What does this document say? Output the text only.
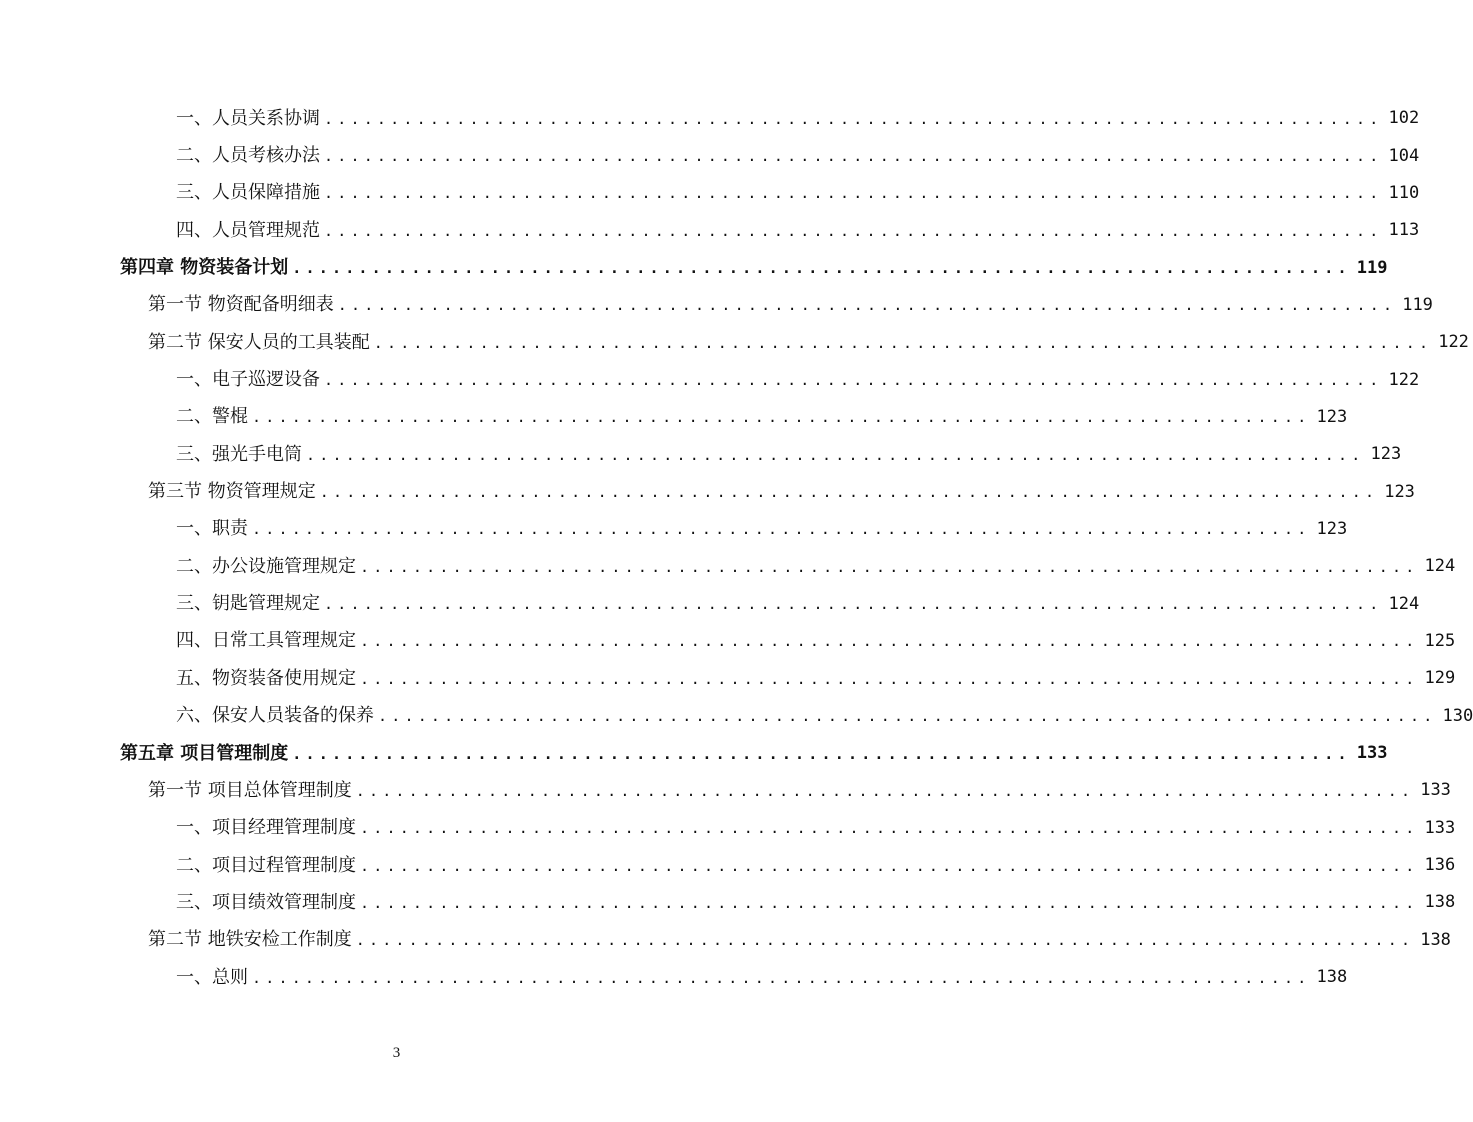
一、人员关系协调 ................................................................................ 102
二、人员考核办法 ................................................................................ 104
三、人员保障措施 ................................................................................ 110
四、人员管理规范 ................................................................................ 113
第四章 物资装备计划 ................................................................................ 119
第一节 物资配备明细表 ................................................................................ 119
第二节 保安人员的工具装配 ................................................................................ 122
一、电子巡逻设备 ................................................................................ 122
二、警棍 ................................................................................ 123
三、强光手电筒 ................................................................................ 123
第三节 物资管理规定 ................................................................................ 123
一、职责 ................................................................................ 123
二、办公设施管理规定 ................................................................................ 124
三、钥匙管理规定 ................................................................................ 124
四、日常工具管理规定 ................................................................................ 125
五、物资装备使用规定 ................................................................................ 129
六、保安人员装备的保养 ................................................................................ 130
第五章 项目管理制度 ................................................................................ 133
第一节 项目总体管理制度 ................................................................................ 133
一、项目经理管理制度 ................................................................................ 133
二、项目过程管理制度 ................................................................................ 136
三、项目绩效管理制度 ................................................................................ 138
第二节 地铁安检工作制度 ................................................................................ 138
一、总则 ................................................................................ 138
3
